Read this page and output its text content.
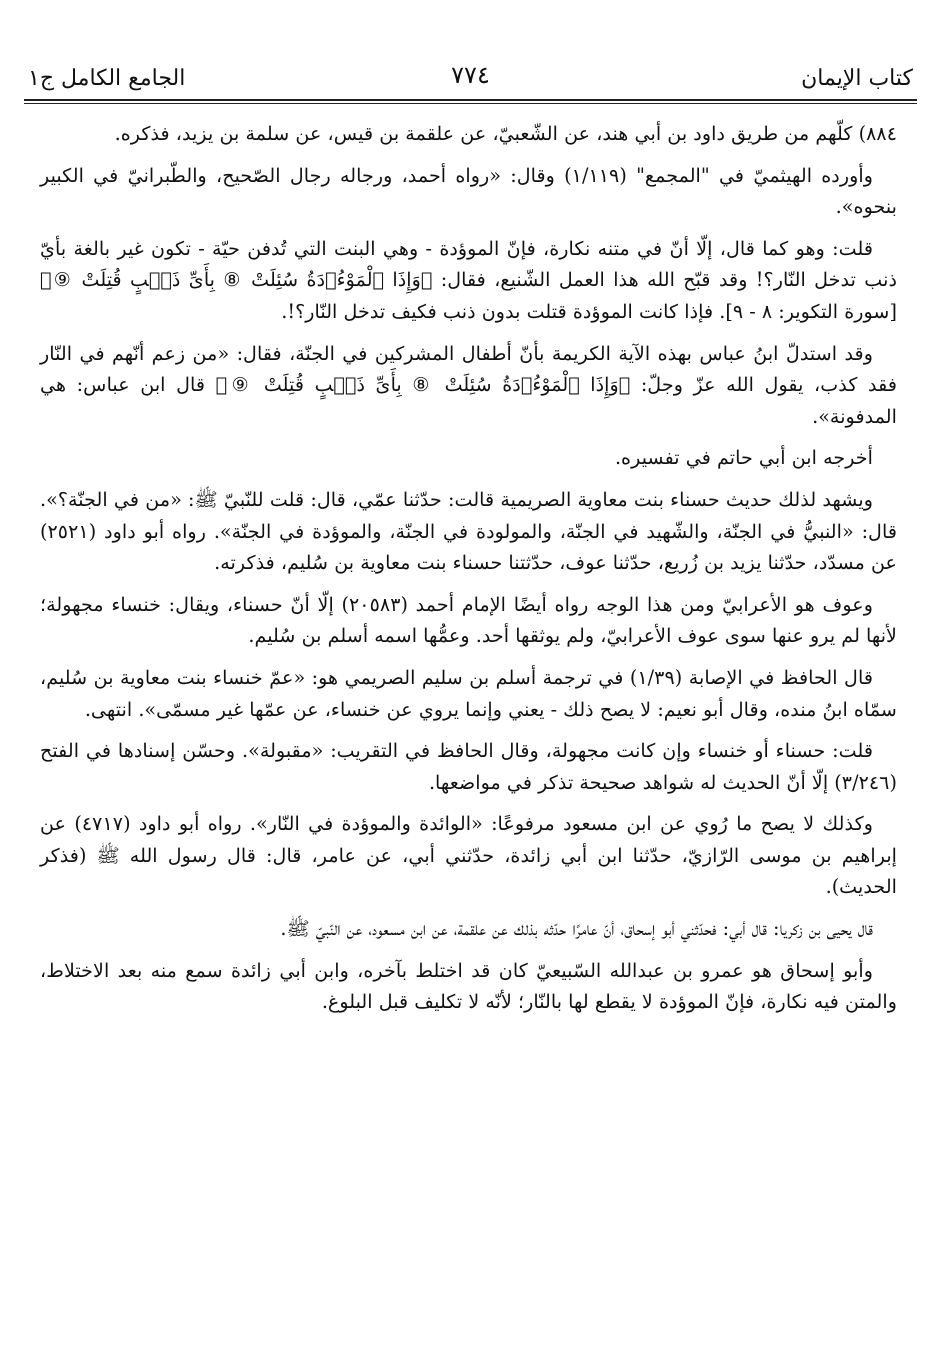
كتاب الإيمان
٧٧٤
الجامع الكامل ج١

٨٨٤) كلّهم من طريق داود بن أبي هند، عن الشّعبيّ، عن علقمة بن قيس، عن سلمة بن يزيد، فذكره.

وأورده الهيثميّ في "المجمع" (١/١١٩) وقال: «رواه أحمد، ورجاله رجال الصّحيح، والطّبرانيّ في الكبير بنحوه».

قلت: وهو كما قال، إلّا أنّ في متنه نكارة، فإنّ الموؤدة - وهي البنت التي تُدفن حيّة - تكون غير بالغة بأيّ ذنب تدخل النّار؟! وقد قبّح الله هذا العمل الشّنيع، فقال: ﴿وَإِذَا ٱلْمَوْءُۥدَةُ سُئِلَتْ ⑧ بِأَىِّ ذَنۢبٍ قُتِلَتْ ⑨﴾ [سورة التكوير: ٨ - ٩]. فإذا كانت الموؤدة قتلت بدون ذنب فكيف تدخل النّار؟!.

وقد استدلّ ابنُ عباس بهذه الآية الكريمة بأنّ أطفال المشركين في الجنّة، فقال: «من زعم أنّهم في النّار فقد كذب، يقول الله عزّ وجلّ: ﴿وَإِذَا ٱلْمَوْءُۥدَةُ سُئِلَتْ ⑧ بِأَىِّ ذَنۢبٍ قُتِلَتْ ⑨﴾ قال ابن عباس: هي المدفونة».

أخرجه ابن أبي حاتم في تفسيره.

ويشهد لذلك حديث حسناء بنت معاوية الصريمية قالت: حدّثنا عمّي، قال: قلت للنّبيّ ﷺ: «من في الجنّة؟». قال: «النبيُّ في الجنّة، والشّهيد في الجنّة، والمولودة في الجنّة، والموؤدة في الجنّة». رواه أبو داود (٢٥٢١) عن مسدّد، حدّثنا يزيد بن زُريع، حدّثنا عوف، حدّثتنا حسناء بنت معاوية بن سُليم، فذكرته.

وعوف هو الأعرابيّ ومن هذا الوجه رواه أيضًا الإمام أحمد (٢٠٥٨٣) إلّا أنّ حسناء، ويقال: خنساء مجهولة؛ لأنها لم يرو عنها سوى عوف الأعرابيّ، ولم يوثقها أحد. وعمُّها اسمه أسلم بن سُليم.

قال الحافظ في الإصابة (١/٣٩) في ترجمة أسلم بن سليم الصريمي هو: «عمّ خنساء بنت معاوية بن سُليم، سمّاه ابنُ منده، وقال أبو نعيم: لا يصح ذلك - يعني وإنما يروي عن خنساء، عن عمّها غير مسمّى». انتهى.

قلت: حسناء أو خنساء وإن كانت مجهولة، وقال الحافظ في التقريب: «مقبولة». وحسّن إسنادها في الفتح (٣/٢٤٦) إلّا أنّ الحديث له شواهد صحيحة تذكر في مواضعها.

وكذلك لا يصح ما رُوي عن ابن مسعود مرفوعًا: «الوائدة والموؤدة في النّار». رواه أبو داود (٤٧١٧) عن إبراهيم بن موسى الرّازيّ، حدّثنا ابن أبي زائدة، حدّثني أبي، عن عامر، قال: قال رسول الله ﷺ (فذكر الحديث).

قال يحيى بن زكريا: قال أبي: فحدّثني أبو إسحاق، أنّ عامرًا حدّثه بذلك عن علقمة، عن ابن مسعود، عن النّبيّ ﷺ.

وأبو إسحاق هو عمرو بن عبدالله السّبيعيّ كان قد اختلط بآخره، وابن أبي زائدة سمع منه بعد الاختلاط، والمتن فيه نكارة، فإنّ الموؤدة لا يقطع لها بالنّار؛ لأنّه لا تكليف قبل البلوغ.
